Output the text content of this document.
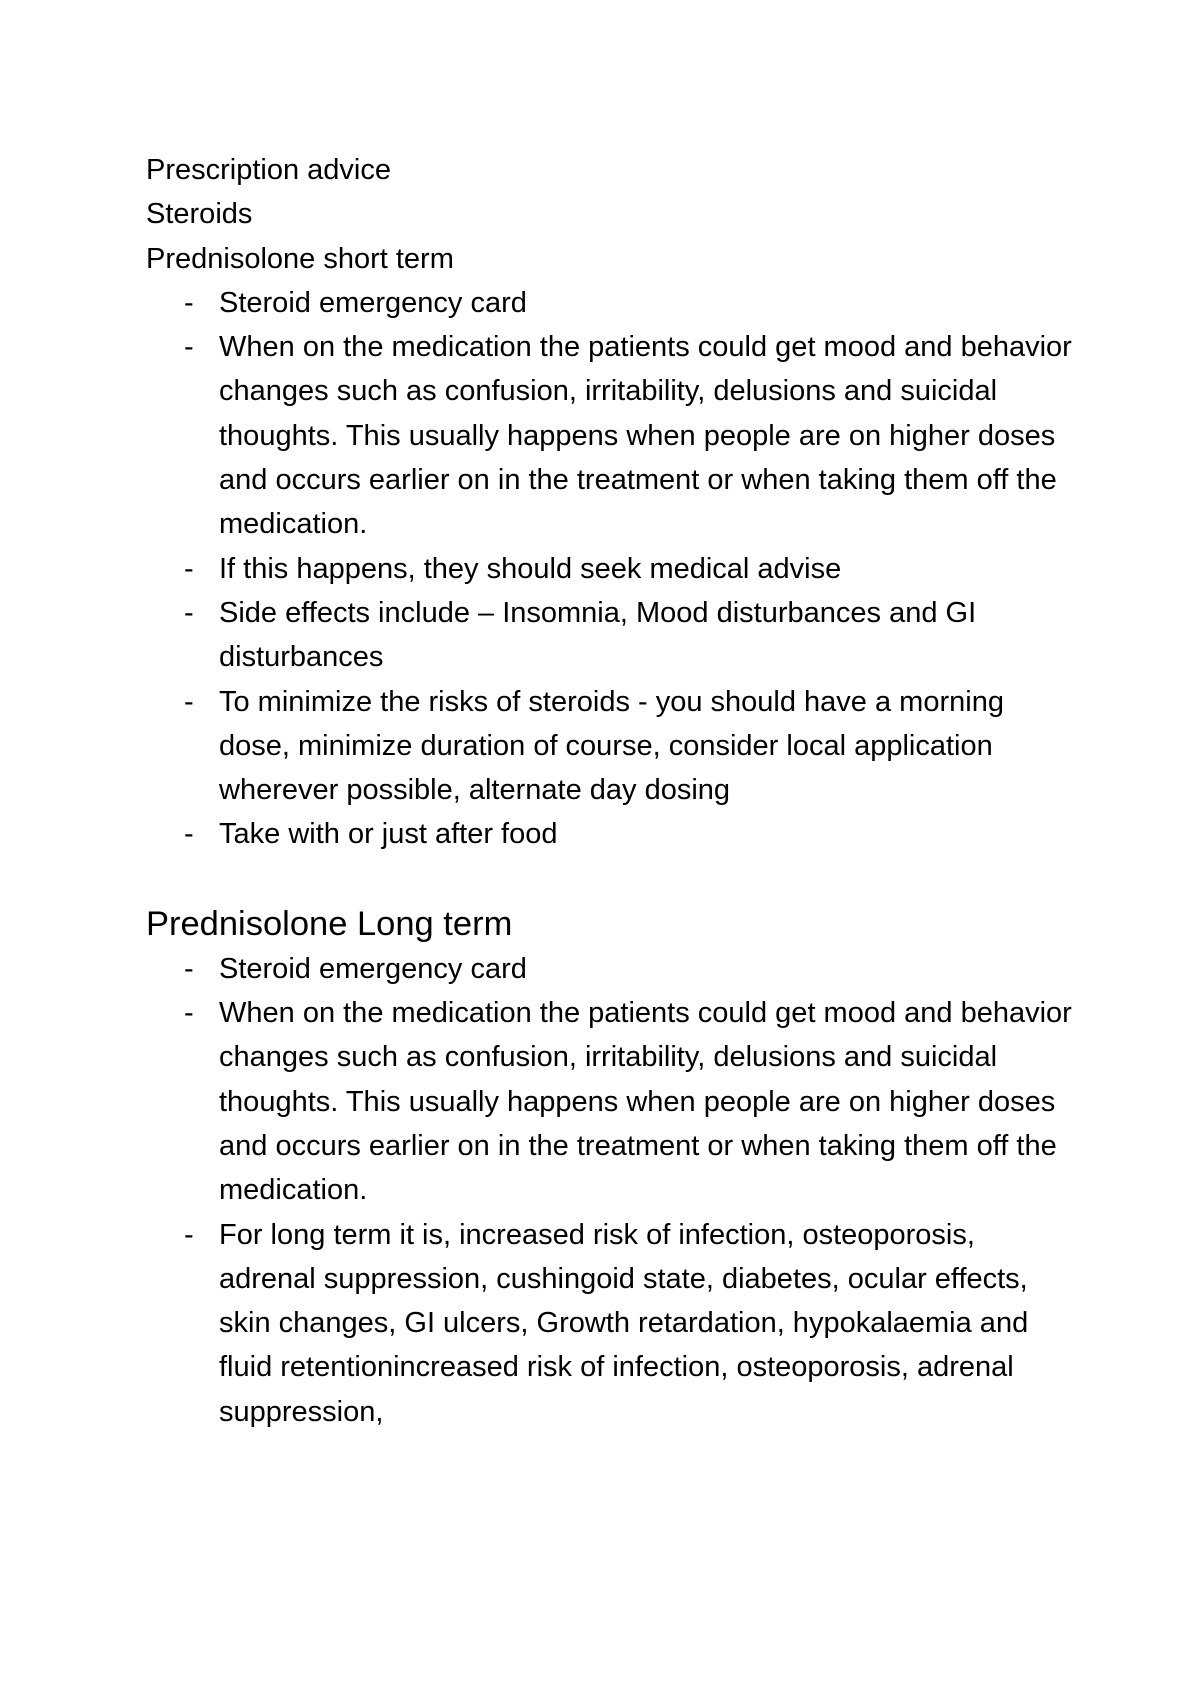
Prescription advice
Steroids
Prednisolone short term
- Steroid emergency card
- When on the medication the patients could get mood and behavior changes such as confusion, irritability, delusions and suicidal thoughts. This usually happens when people are on higher doses and occurs earlier on in the treatment or when taking them off the medication.
- If this happens, they should seek medical advise
- Side effects include – Insomnia, Mood disturbances and GI disturbances
- To minimize the risks of steroids - you should have a morning dose, minimize duration of course, consider local application wherever possible, alternate day dosing
- Take with or just after food
Prednisolone Long term
- Steroid emergency card
- When on the medication the patients could get mood and behavior changes such as confusion, irritability, delusions and suicidal thoughts. This usually happens when people are on higher doses and occurs earlier on in the treatment or when taking them off the medication.
- For long term it is, increased risk of infection, osteoporosis, adrenal suppression, cushingoid state, diabetes, ocular effects, skin changes, GI ulcers, Growth retardation, hypokalaemia and fluid retentionincreased risk of infection, osteoporosis, adrenal suppression,
